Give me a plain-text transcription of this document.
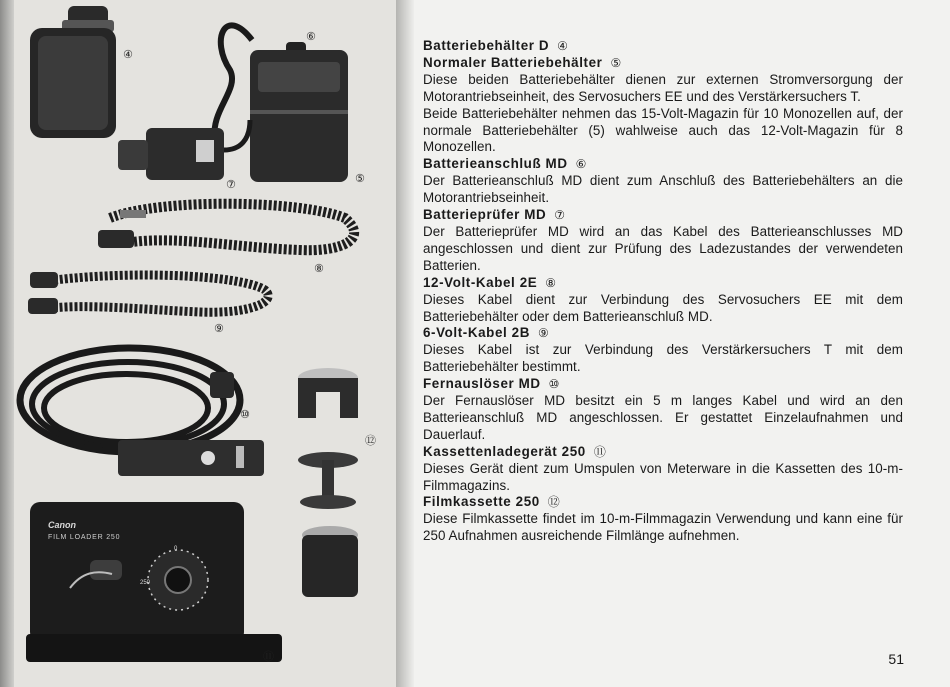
④
⑥
⑦	⑤
⑧
⑨
⑩
⑫
⑪
Canon
FILM LOADER 250
0
250
Batteriebehälter D ④
Normaler Batteriebehälter ⑤
Diese beiden Batteriebehälter dienen zur externen Stromversorgung der Motorantriebseinheit, des Servosuchers EE und des Verstärkersuchers T.
Beide Batteriebehälter nehmen das 15-Volt-Magazin für 10 Monozellen auf, der normale Batteriebehälter (5) wahlweise auch das 12-Volt-Magazin für 8 Monozellen.
Batterieanschluß MD ⑥
Der Batterieanschluß MD dient zum Anschluß des Batteriebehälters an die Motorantriebseinheit.
Batterieprüfer MD ⑦
Der Batterieprüfer MD wird an das Kabel des Batterieanschlusses MD angeschlossen und dient zur Prüfung des Ladezustandes der verwendeten Batterien.
12-Volt-Kabel 2E ⑧
Dieses Kabel dient zur Verbindung des Servosuchers EE mit dem Batteriebehälter oder dem Batterieanschluß MD.
6-Volt-Kabel 2B ⑨
Dieses Kabel ist zur Verbindung des Verstärkersuchers T mit dem Batteriebehälter bestimmt.
Fernauslöser MD ⑩
Der Fernauslöser MD besitzt ein 5 m langes Kabel und wird an den Batterieanschluß MD angeschlossen. Er gestattet Einzelaufnahmen und Dauerlauf.
Kassettenladegerät 250 ⑪
Dieses Gerät dient zum Umspulen von Meterware in die Kassetten des 10-m-Filmmagazins.
Filmkassette 250 ⑫
Diese Filmkassette findet im 10-m-Filmmagazin Verwendung und kann eine für 250 Aufnahmen ausreichende Filmlänge aufnehmen.
51
